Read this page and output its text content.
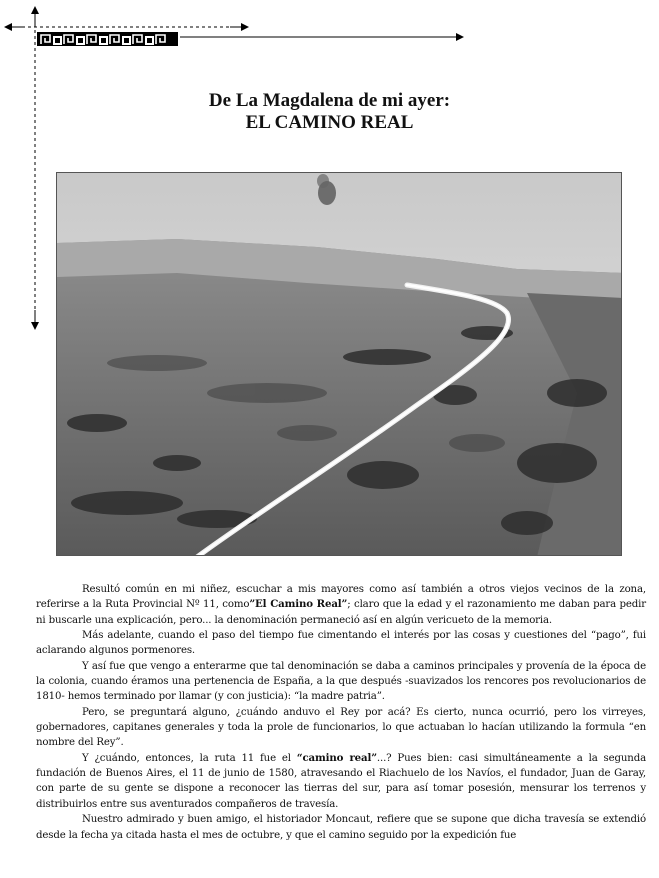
De La Magdalena de mi ayer:
EL CAMINO REAL

Resultó común en mi niñez, escuchar a mis mayores como así también a otros viejos vecinos de la zona, referirse a la Ruta Provincial Nº 11, como”El Camino Real”; claro que la edad y el razonamiento me daban para pedir ni buscarle una explicación, pero... la denominación permaneció así en algún vericueto de la memoria.

Más adelante, cuando el paso del tiempo fue cimentando el interés por las cosas y cuestiones del “pago”, fui aclarando algunos pormenores.

Y así fue que vengo a enterarme que tal denominación se daba a caminos principales y provenía de la época de la colonia, cuando éramos una pertenencia de España, a la que después -suavizados los rencores pos revolucionarios de 1810- hemos terminado por llamar (y con justicia): “la madre patria”.

Pero, se preguntará alguno, ¿cuándo anduvo el Rey por acá? Es cierto, nunca ocurrió, pero los virreyes, gobernadores, capitanes generales y toda la prole de funcionarios, lo que actuaban lo hacían utilizando la formula “en nombre del Rey”.

Y ¿cuándo, entonces, la ruta 11 fue el “camino real”...? Pues bien: casi simultáneamente a la segunda fundación de Buenos Aires, el 11 de junio de 1580, atravesando el Riachuelo de los Navíos, el fundador, Juan de Garay, con parte de su gente se dispone a reconocer las tierras del sur, para así tomar posesión, mensurar los terrenos y distribuirlos entre sus aventurados compañeros de travesía.

Nuestro admirado y buen amigo, el historiador Moncaut, refiere que se supone que dicha travesía se extendió desde la fecha ya citada hasta el mes de octubre, y que el camino seguido por la expedición fue
